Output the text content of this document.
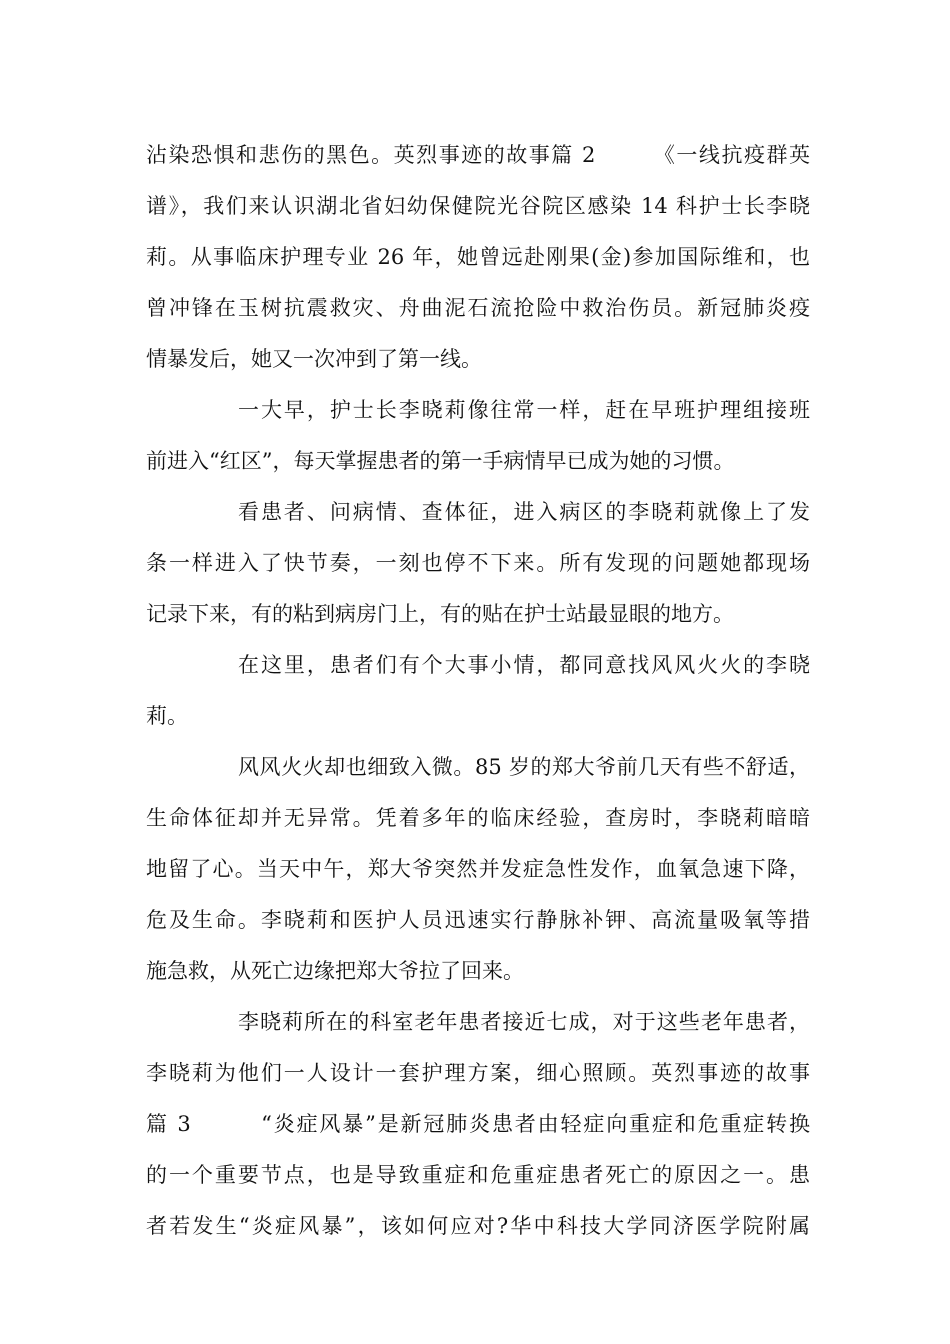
沾染恐惧和悲伤的黑色。英烈事迹的故事篇 2　　　《一线抗疫群英
谱》，我们来认识湖北省妇幼保健院光谷院区感染 14 科护士长李晓
莉。从事临床护理专业 26 年，她曾远赴刚果(金)参加国际维和，也
曾冲锋在玉树抗震救灾、舟曲泥石流抢险中救治伤员。新冠肺炎疫
情暴发后，她又一次冲到了第一线。
一大早，护士长李晓莉像往常一样，赶在早班护理组接班
前进入“红区”，每天掌握患者的第一手病情早已成为她的习惯。
看患者、问病情、查体征，进入病区的李晓莉就像上了发
条一样进入了快节奏，一刻也停不下来。所有发现的问题她都现场
记录下来，有的粘到病房门上，有的贴在护士站最显眼的地方。
在这里，患者们有个大事小情，都同意找风风火火的李晓
莉。
风风火火却也细致入微。85 岁的郑大爷前几天有些不舒适，
生命体征却并无异常。凭着多年的临床经验，查房时，李晓莉暗暗
地留了心。当天中午，郑大爷突然并发症急性发作，血氧急速下降，
危及生命。李晓莉和医护人员迅速实行静脉补钾、高流量吸氧等措
施急救，从死亡边缘把郑大爷拉了回来。
李晓莉所在的科室老年患者接近七成，对于这些老年患者，
李晓莉为他们一人设计一套护理方案，细心照顾。英烈事迹的故事
篇 3　　　“炎症风暴”是新冠肺炎患者由轻症向重症和危重症转换
的一个重要节点，也是导致重症和危重症患者死亡的原因之一。患
者若发生“炎症风暴”，该如何应对?华中科技大学同济医学院附属
